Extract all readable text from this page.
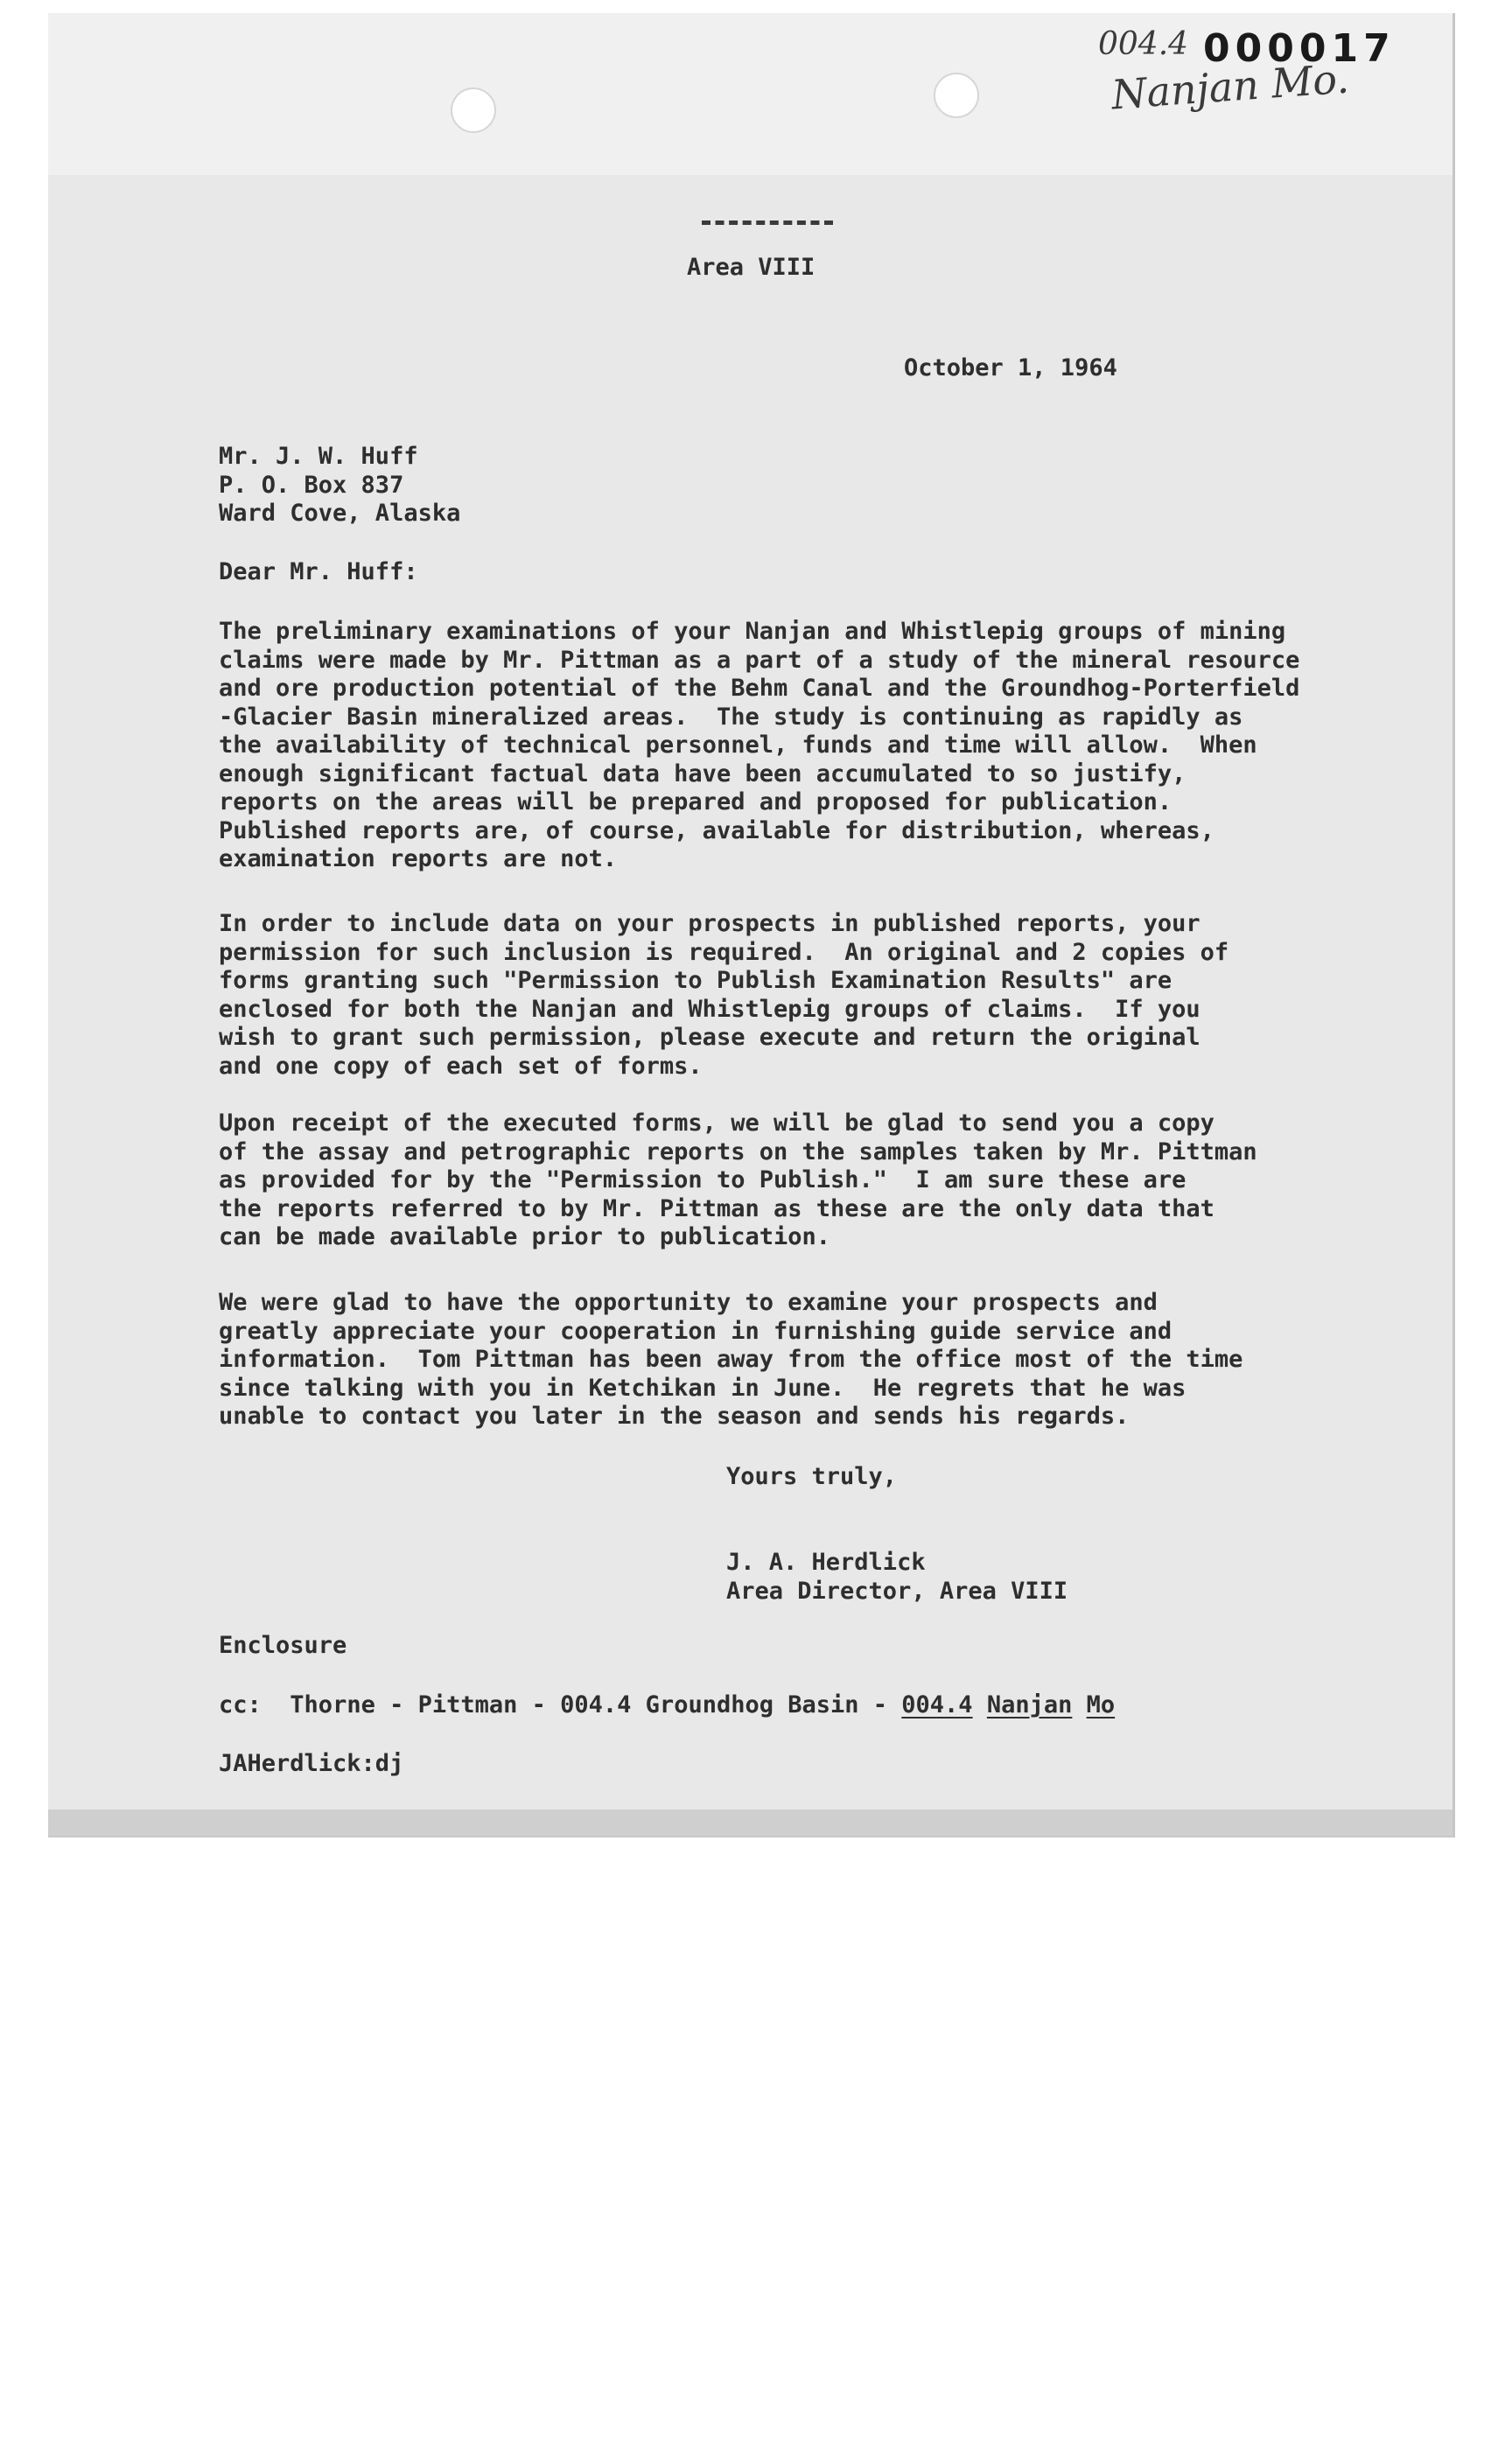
000017
004.4
Nanjan Mo.
Area VIII
October 1, 1964
Mr. J. W. Huff
P. O. Box 837
Ward Cove, Alaska
Dear Mr. Huff:
The preliminary examinations of your Nanjan and Whistlepig groups of mining
claims were made by Mr. Pittman as a part of a study of the mineral resource
and ore production potential of the Behm Canal and the Groundhog-Porterfield
-Glacier Basin mineralized areas.  The study is continuing as rapidly as
the availability of technical personnel, funds and time will allow.  When
enough significant factual data have been accumulated to so justify,
reports on the areas will be prepared and proposed for publication.
Published reports are, of course, available for distribution, whereas,
examination reports are not.
In order to include data on your prospects in published reports, your
permission for such inclusion is required.  An original and 2 copies of
forms granting such "Permission to Publish Examination Results" are
enclosed for both the Nanjan and Whistlepig groups of claims.  If you
wish to grant such permission, please execute and return the original
and one copy of each set of forms.
Upon receipt of the executed forms, we will be glad to send you a copy
of the assay and petrographic reports on the samples taken by Mr. Pittman
as provided for by the "Permission to Publish."  I am sure these are
the reports referred to by Mr. Pittman as these are the only data that
can be made available prior to publication.
We were glad to have the opportunity to examine your prospects and
greatly appreciate your cooperation in furnishing guide service and
information.  Tom Pittman has been away from the office most of the time
since talking with you in Ketchikan in June.  He regrets that he was
unable to contact you later in the season and sends his regards.
Yours truly,
J. A. Herdlick
Area Director, Area VIII
Enclosure
cc: Thorne - Pittman - 004.4 Groundhog Basin - 004.4 Nanjan Mo
JAHerdlick:dj
